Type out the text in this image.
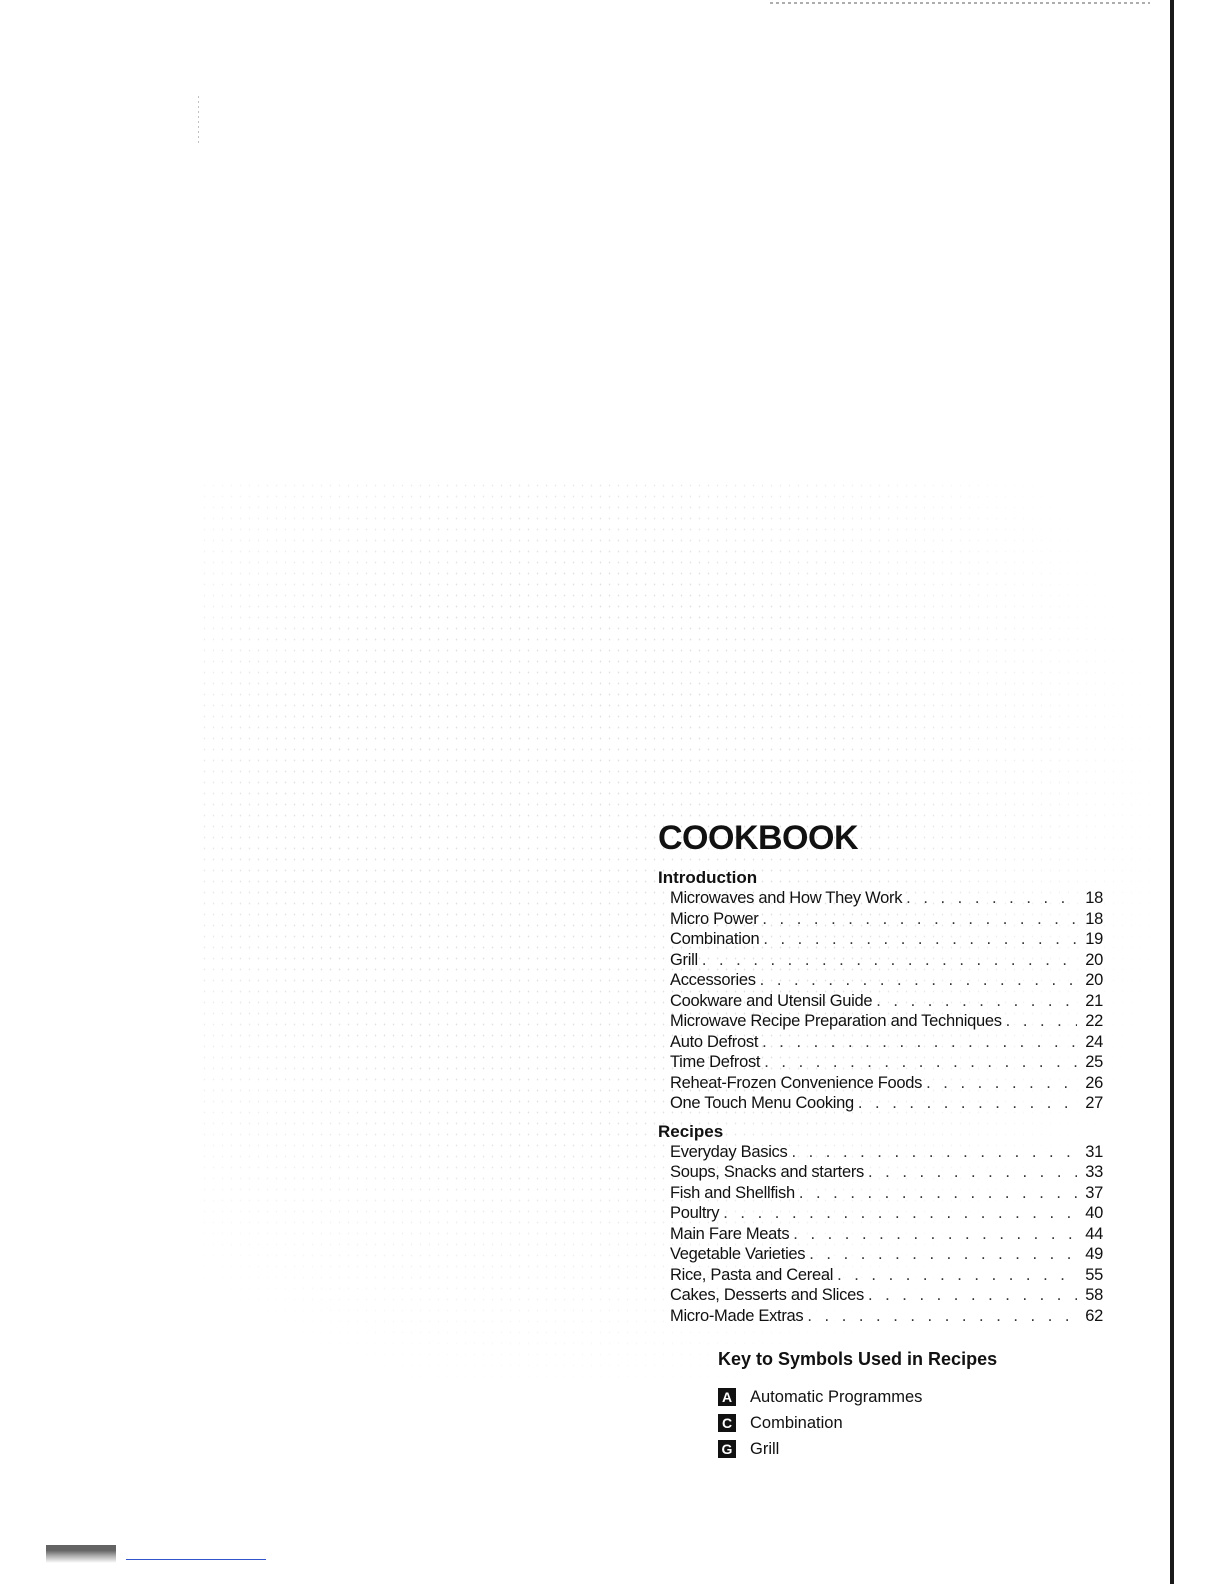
COOKBOOK
Introduction
Microwaves and How They Work . . .	18
Micro Power . . .	18
Combination . . .	19
Grill . . .	20
Accessories . . .	20
Cookware and Utensil Guide . . .	21
Microwave Recipe Preparation and Techniques . . .	22
Auto Defrost . . .	24
Time Defrost . . .	25
Reheat-Frozen Convenience Foods . . .	26
One Touch Menu Cooking . . .	27
Recipes
Everyday Basics . . .	31
Soups, Snacks and starters . . .	33
Fish and Shellfish . . .	37
Poultry . . .	40
Main Fare Meats . . .	44
Vegetable Varieties . . .	49
Rice, Pasta and Cereal . . .	55
Cakes, Desserts and Slices . . .	58
Micro-Made Extras . . .	62
Key to Symbols Used in Recipes
A Automatic Programmes
C Combination
G Grill
